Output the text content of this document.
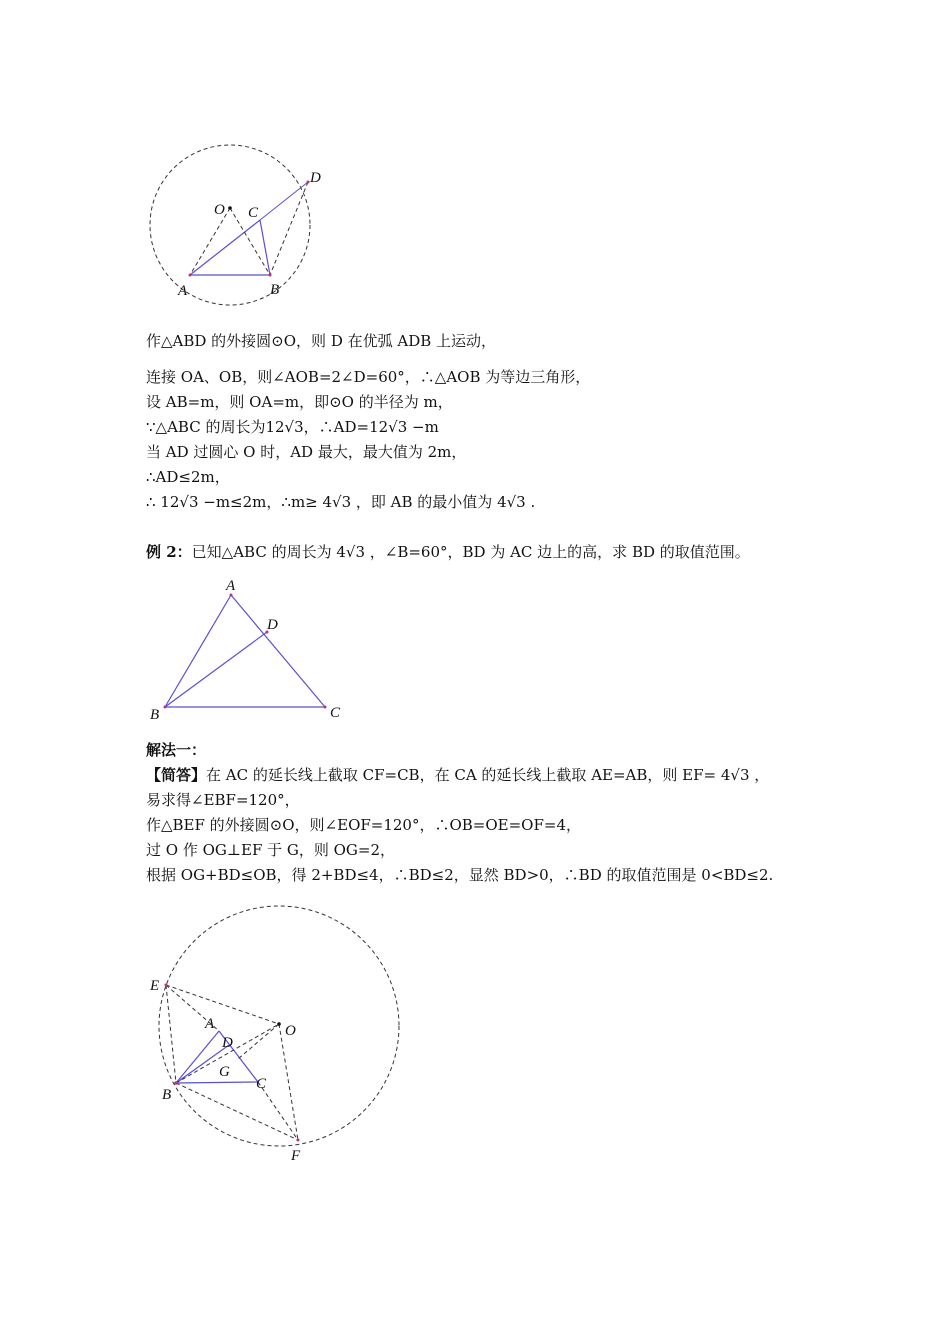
O C
D
A	B
作△ABD 的外接圆⊙O，则 D 在优弧 ADB 上运动，
连接 OA、OB，则∠AOB=2∠D=60°，∴△AOB 为等边三角形，
设 AB=m，则 OA=m，即⊙O 的半径为 m，
∵△ABC 的周长为12√3，∴AD=12√3 −m
当 AD 过圆心 O 时，AD 最大，最大值为 2m，
∴AD≤2m，
∴ 12√3 −m≤2m，∴m≥ 4√3 ，即 AB 的最小值为 4√3 .
例 2：已知△ABC 的周长为 4√3 ，∠B=60°，BD 为 AC 边上的高，求 BD 的取值范围。
A
D
B	C
解法一：
【简答】在 AC 的延长线上截取 CF=CB，在 CA 的延长线上截取 AE=AB，则 EF= 4√3 ，
易求得∠EBF=120°，
作△BEF 的外接圆⊙O，则∠EOF=120°，∴OB=OE=OF=4，
过 O 作 OG⊥EF 于 G，则 OG=2，
根据 OG+BD≤OB，得 2+BD≤4，∴BD≤2，显然 BD>0，∴BD 的取值范围是 0<BD≤2.
E
A	O
D
G
C
B
F
